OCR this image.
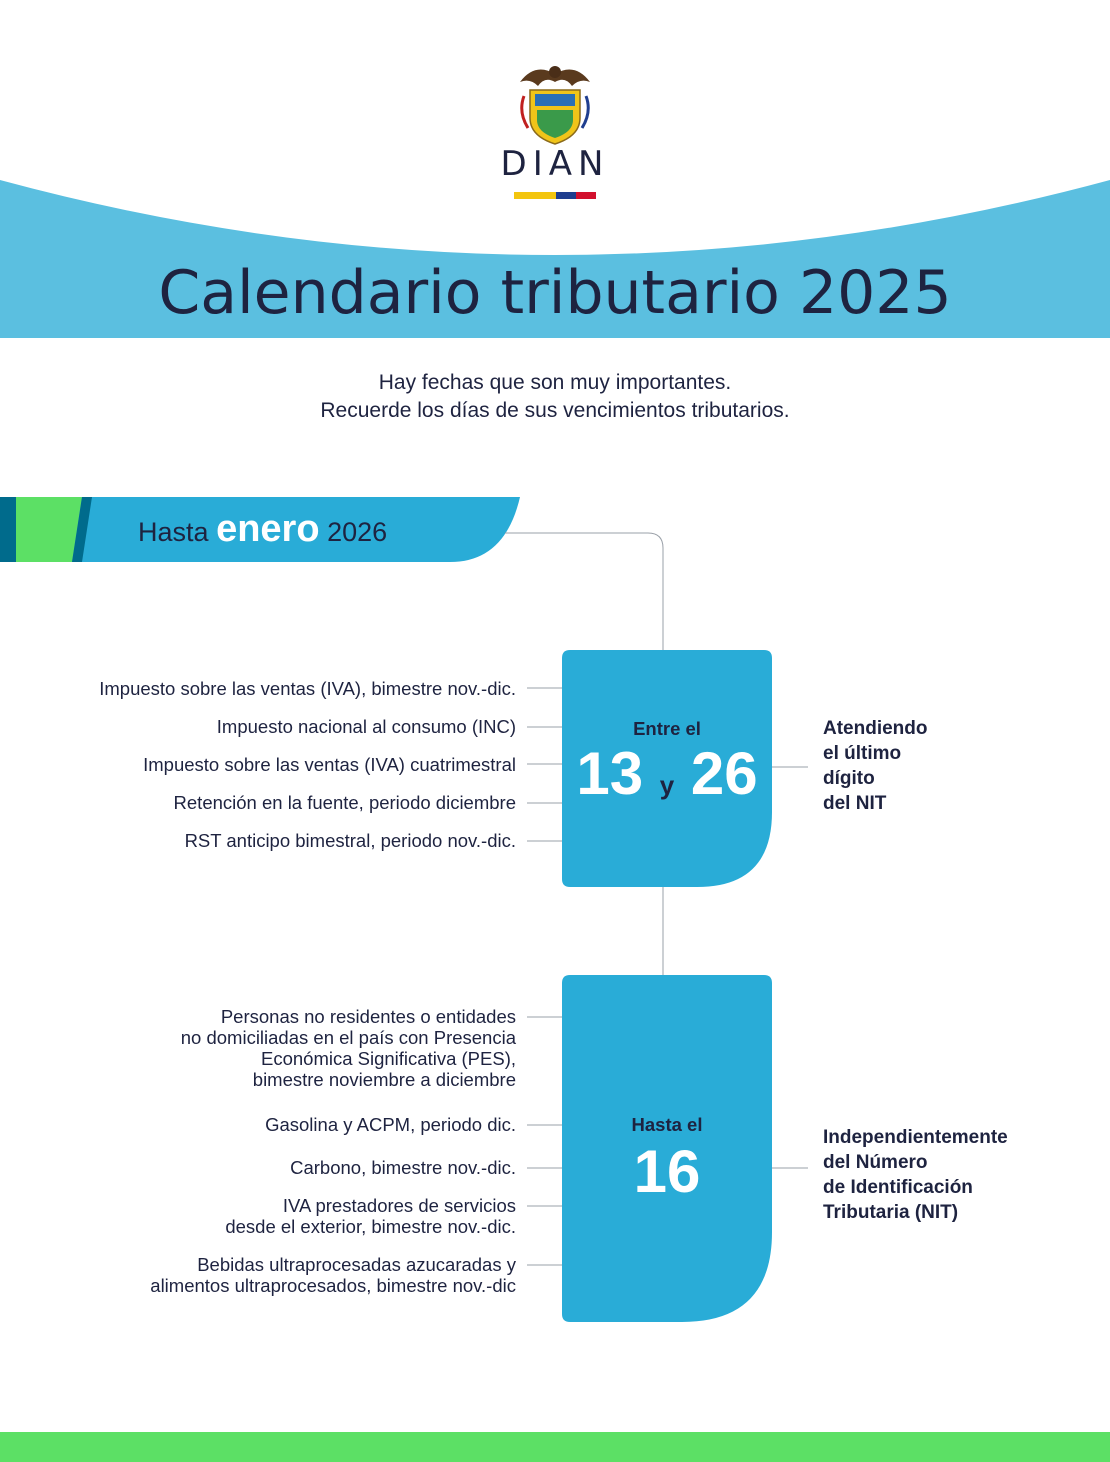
DIAN
Calendario tributario 2025
Hay fechas que son muy importantes.
Recuerde los días de sus vencimientos tributarios.
Hasta enero 2026
Impuesto sobre las ventas (IVA), bimestre nov.-dic.
Impuesto nacional al consumo (INC)
Impuesto sobre las ventas (IVA) cuatrimestral
Retención en la fuente, periodo diciembre
RST anticipo bimestral, periodo nov.-dic.
Entre el
13 y 26
Atendiendo
el último
dígito
del NIT
Personas no residentes o entidades
no domiciliadas en el país con Presencia
Económica Significativa (PES),
bimestre noviembre a diciembre
Gasolina y ACPM, periodo dic.
Carbono, bimestre nov.-dic.
IVA prestadores de servicios
desde el exterior, bimestre nov.-dic.
Bebidas ultraprocesadas azucaradas y
alimentos ultraprocesados, bimestre nov.-dic
Hasta el
16
Independientemente
del Número
de Identificación
Tributaria (NIT)
